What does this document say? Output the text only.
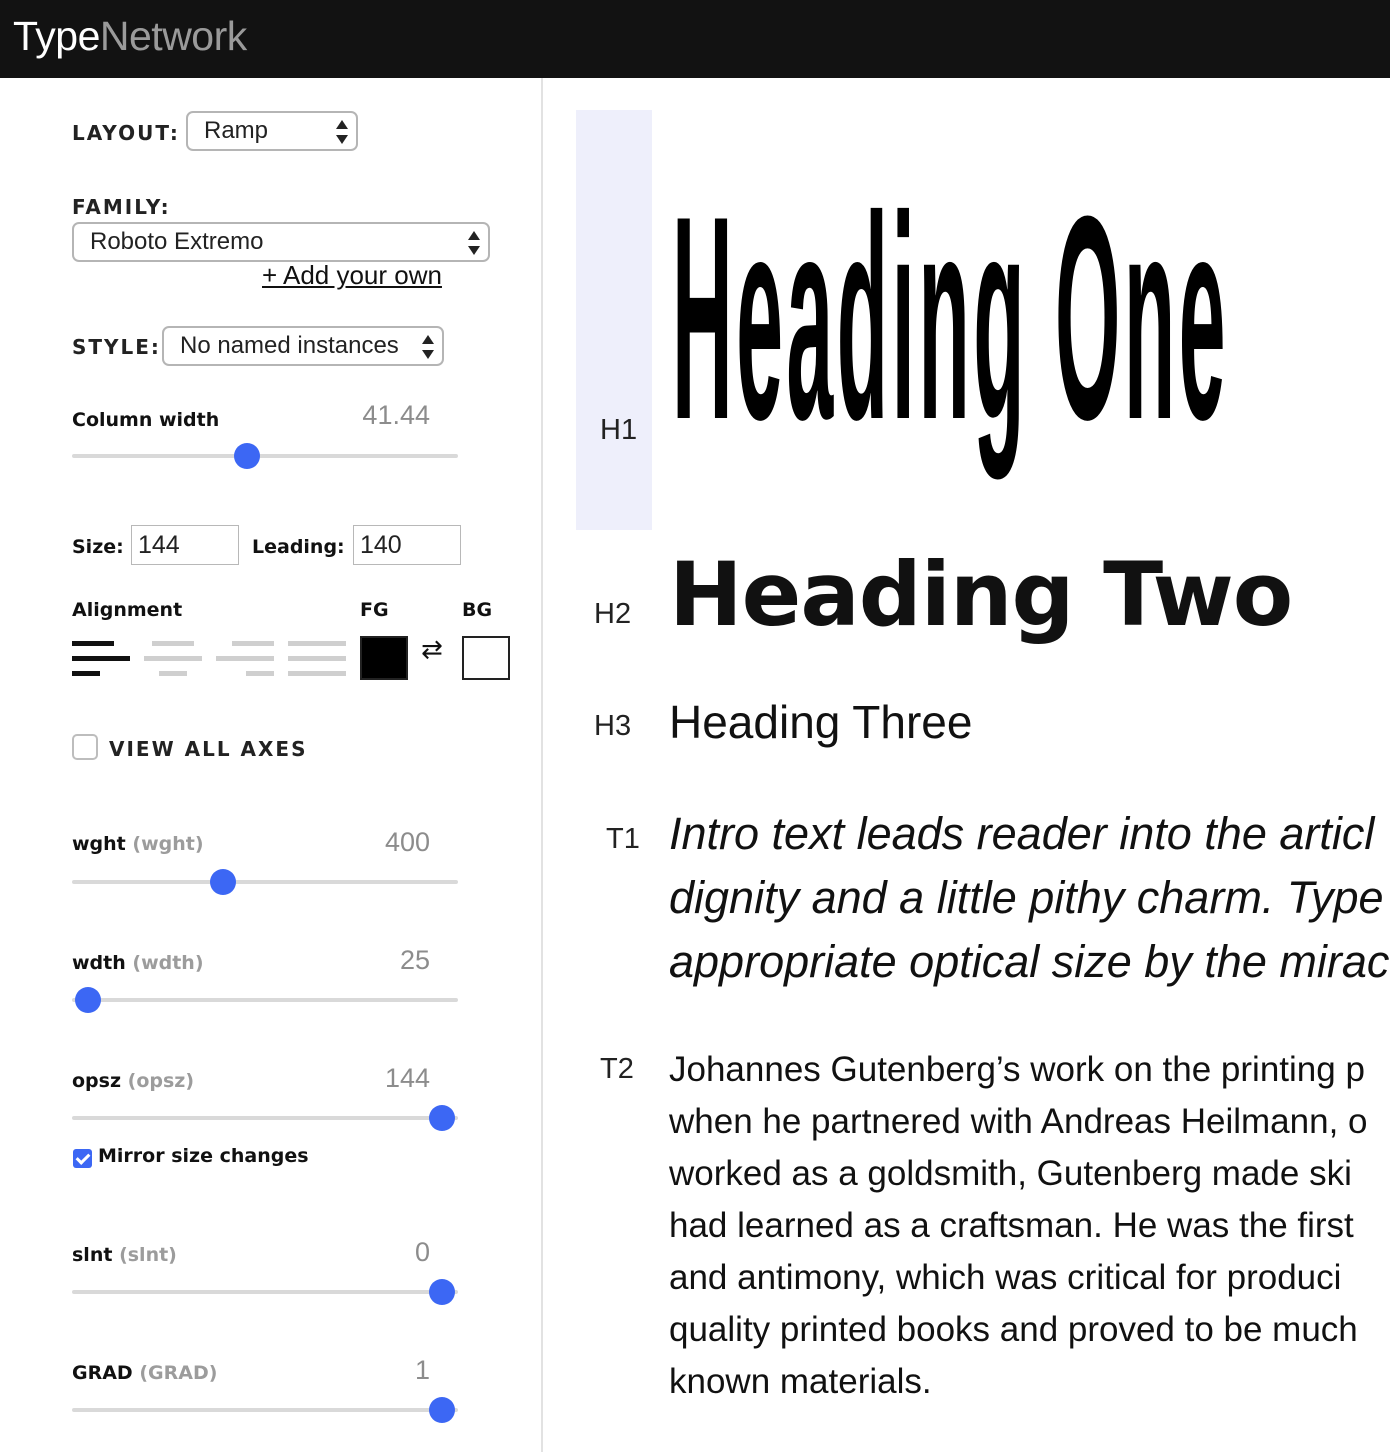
TypeNetwork
LAYOUT:	Ramp
FAMILY:
Roboto Extremo
+ Add your own
STYLE: No named instances
Column width	41.44
Size: 144	Leading: 140
Alignment	FG	BG
⇄
VIEW ALL AXES
wght (wght)	400
wdth (wdth)	25
opsz (opsz)	144
Mirror size changes
slnt (slnt)	0
GRAD (GRAD)	1
H1 Heading One
H2 Heading Two
H3 Heading Three
T1 Intro text leads reader into the articl
dignity and a little pithy charm. Type
appropriate optical size by the mirac
T2 Johannes Gutenberg’s work on the printing p
when he partnered with Andreas Heilmann, o
worked as a goldsmith, Gutenberg made ski
had learned as a craftsman. He was the first
and antimony, which was critical for produci
quality printed books and proved to be much
known materials.
